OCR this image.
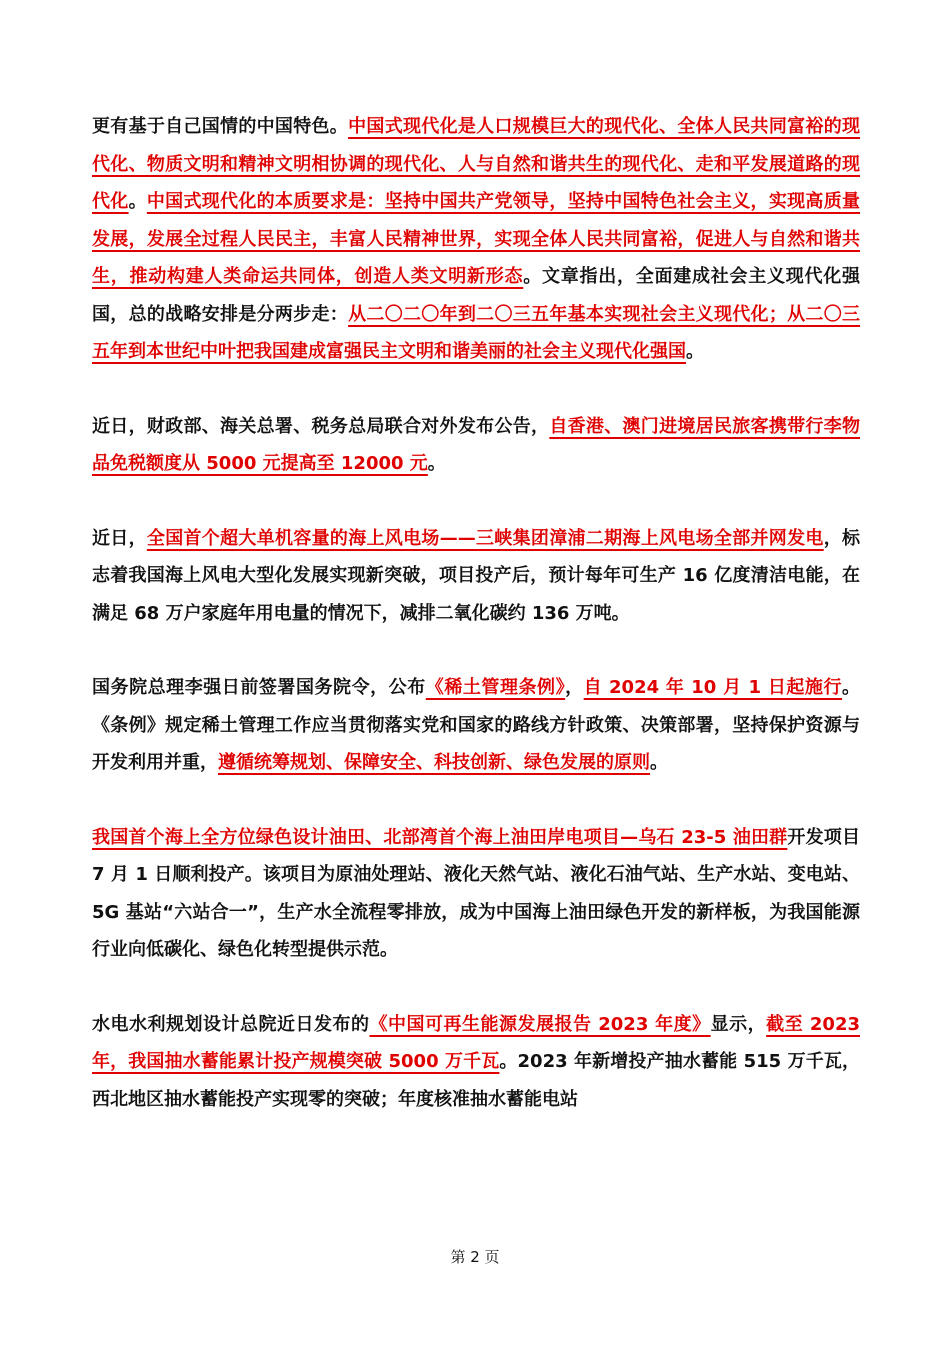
更有基于自己国情的中国特色。中国式现代化是人口规模巨大的现代化、全体人民共同富裕的现代化、物质文明和精神文明相协调的现代化、人与自然和谐共生的现代化、走和平发展道路的现代化。中国式现代化的本质要求是：坚持中国共产党领导，坚持中国特色社会主义，实现高质量发展，发展全过程人民民主，丰富人民精神世界，实现全体人民共同富裕，促进人与自然和谐共生，推动构建人类命运共同体，创造人类文明新形态。文章指出，全面建成社会主义现代化强国，总的战略安排是分两步走：从二〇二〇年到二〇三五年基本实现社会主义现代化；从二〇三五年到本世纪中叶把我国建成富强民主文明和谐美丽的社会主义现代化强国。

近日，财政部、海关总署、税务总局联合对外发布公告，自香港、澳门进境居民旅客携带行李物品免税额度从 5000 元提高至 12000 元。

近日，全国首个超大单机容量的海上风电场——三峡集团漳浦二期海上风电场全部并网发电，标志着我国海上风电大型化发展实现新突破，项目投产后，预计每年可生产 16 亿度清洁电能，在满足 68 万户家庭年用电量的情况下，减排二氧化碳约 136 万吨。

国务院总理李强日前签署国务院令，公布《稀土管理条例》，自 2024 年 10 月 1 日起施行。《条例》规定稀土管理工作应当贯彻落实党和国家的路线方针政策、决策部署，坚持保护资源与开发利用并重，遵循统筹规划、保障安全、科技创新、绿色发展的原则。

我国首个海上全方位绿色设计油田、北部湾首个海上油田岸电项目—乌石 23-5 油田群开发项目 7 月 1 日顺利投产。该项目为原油处理站、液化天然气站、液化石油气站、生产水站、变电站、5G 基站“六站合一”，生产水全流程零排放，成为中国海上油田绿色开发的新样板，为我国能源行业向低碳化、绿色化转型提供示范。

水电水利规划设计总院近日发布的《中国可再生能源发展报告 2023 年度》显示，截至 2023 年，我国抽水蓄能累计投产规模突破 5000 万千瓦。2023 年新增投产抽水蓄能 515 万千瓦，西北地区抽水蓄能投产实现零的突破；年度核准抽水蓄能电站

第 2 页
